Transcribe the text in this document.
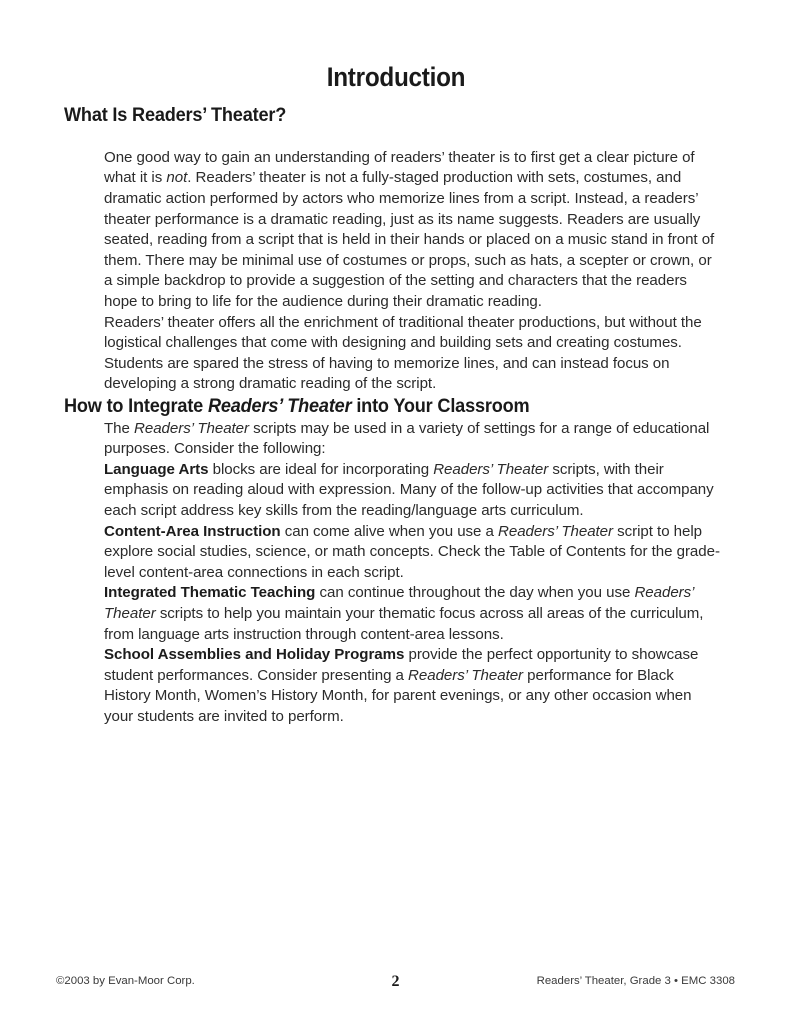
Introduction
What Is Readers’ Theater?

One good way to gain an understanding of readers’ theater is to first get a clear picture of what it is not. Readers’ theater is not a fully-staged production with sets, costumes, and dramatic action performed by actors who memorize lines from a script. Instead, a readers’ theater performance is a dramatic reading, just as its name suggests. Readers are usually seated, reading from a script that is held in their hands or placed on a music stand in front of them. There may be minimal use of costumes or props, such as hats, a scepter or crown, or a simple backdrop to provide a suggestion of the setting and characters that the readers hope to bring to life for the audience during their dramatic reading.

Readers’ theater offers all the enrichment of traditional theater productions, but without the logistical challenges that come with designing and building sets and creating costumes. Students are spared the stress of having to memorize lines, and can instead focus on developing a strong dramatic reading of the script.

How to Integrate Readers’ Theater into Your Classroom

The Readers’ Theater scripts may be used in a variety of settings for a range of educational purposes. Consider the following:

Language Arts blocks are ideal for incorporating Readers’ Theater scripts, with their emphasis on reading aloud with expression. Many of the follow-up activities that accompany each script address key skills from the reading/language arts curriculum.

Content-Area Instruction can come alive when you use a Readers’ Theater script to help explore social studies, science, or math concepts. Check the Table of Contents for the grade-level content-area connections in each script.

Integrated Thematic Teaching can continue throughout the day when you use Readers’ Theater scripts to help you maintain your thematic focus across all areas of the curriculum, from language arts instruction through content-area lessons.

School Assemblies and Holiday Programs provide the perfect opportunity to showcase student performances. Consider presenting a Readers’ Theater performance for Black History Month, Women’s History Month, for parent evenings, or any other occasion when your students are invited to perform.

©2003 by Evan-Moor Corp.	2	Readers’ Theater, Grade 3 • EMC 3308
